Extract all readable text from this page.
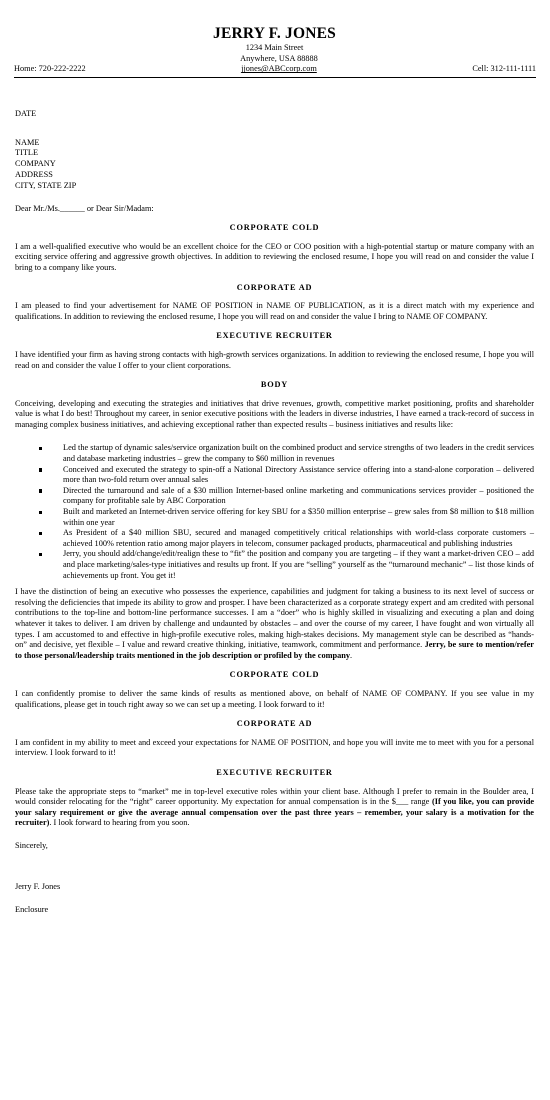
JERRY F. JONES
1234 Main Street
Home: 720-222-2222
Anywhere, USA 88888
jjones@ABCcorp.com	Cell: 312-111-1111
DATE
NAME
TITLE
COMPANY
ADDRESS
CITY, STATE ZIP
Dear Mr./Ms.______ or Dear Sir/Madam:
CORPORATE COLD

I am a well-qualified executive who would be an excellent choice for the CEO or COO position with a high-potential startup or mature company with an exciting service offering and aggressive growth objectives. In addition to reviewing the enclosed resume, I hope you will read on and consider the value I bring to a company like yours.

CORPORATE AD

I am pleased to find your advertisement for NAME OF POSITION in NAME OF PUBLICATION, as it is a direct match with my experience and qualifications. In addition to reviewing the enclosed resume, I hope you will read on and consider the value I bring to NAME OF COMPANY.

EXECUTIVE RECRUITER

I have identified your firm as having strong contacts with high-growth services organizations. In addition to reviewing the enclosed resume, I hope you will read on and consider the value I offer to your client corporations.

BODY

Conceiving, developing and executing the strategies and initiatives that drive revenues, growth, competitive market positioning, profits and shareholder value is what I do best! Throughout my career, in senior executive positions with the leaders in diverse industries, I have earned a track-record of success in managing complex business initiatives, and achieving exceptional rather than expected results – business initiatives and results like:

Led the startup of dynamic sales/service organization built on the combined product and service strengths of two leaders in the credit services and database marketing industries – grew the company to $60 million in revenues
Conceived and executed the strategy to spin-off a National Directory Assistance service offering into a stand-alone corporation – delivered more than two-fold return over annual sales
Directed the turnaround and sale of a $30 million Internet-based online marketing and communications services provider – positioned the company for profitable sale by ABC Corporation
Built and marketed an Internet-driven service offering for key SBU for a $350 million enterprise – grew sales from $8 million to $18 million within one year
As President of a $40 million SBU, secured and managed competitively critical relationships with world-class corporate customers – achieved 100% retention ratio among major players in telecom, consumer packaged products, pharmaceutical and publishing industries
Jerry, you should add/change/edit/realign these to “fit” the position and company you are targeting – if they want a market-driven CEO – add and place marketing/sales-type initiatives and results up front. If you are “selling” yourself as the “turnaround mechanic” – list those kinds of achievements up front. You get it!

I have the distinction of being an executive who possesses the experience, capabilities and judgment for taking a business to its next level of success or resolving the deficiencies that impede its ability to grow and prosper. I have been characterized as a corporate strategy expert and am credited with personal contributions to the top-line and bottom-line performance successes. I am a “doer” who is highly skilled in visualizing and executing a plan and doing whatever it takes to deliver. I am driven by challenge and undaunted by obstacles – and over the course of my career, I have fought and won virtually all types. I am accustomed to and effective in high-profile executive roles, making high-stakes decisions. My management style can be described as “hands-on” and decisive, yet flexible – I value and reward creative thinking, initiative, teamwork, commitment and performance. Jerry, be sure to mention/refer to those personal/leadership traits mentioned in the job description or profiled by the company.

CORPORATE COLD

I can confidently promise to deliver the same kinds of results as mentioned above, on behalf of NAME OF COMPANY. If you see value in my qualifications, please get in touch right away so we can set up a meeting. I look forward to it!

CORPORATE AD

I am confident in my ability to meet and exceed your expectations for NAME OF POSITION, and hope you will invite me to meet with you for a personal interview. I look forward to it!

EXECUTIVE RECRUITER

Please take the appropriate steps to “market” me in top-level executive roles within your client base. Although I prefer to remain in the Boulder area, I would consider relocating for the “right” career opportunity. My expectation for annual compensation is in the $___ range (If you like, you can provide your salary requirement or give the average annual compensation over the past three years – remember, your salary is a motivation for the recruiter). I look forward to hearing from you soon.

Sincerely,
Jerry F. Jones
Enclosure
